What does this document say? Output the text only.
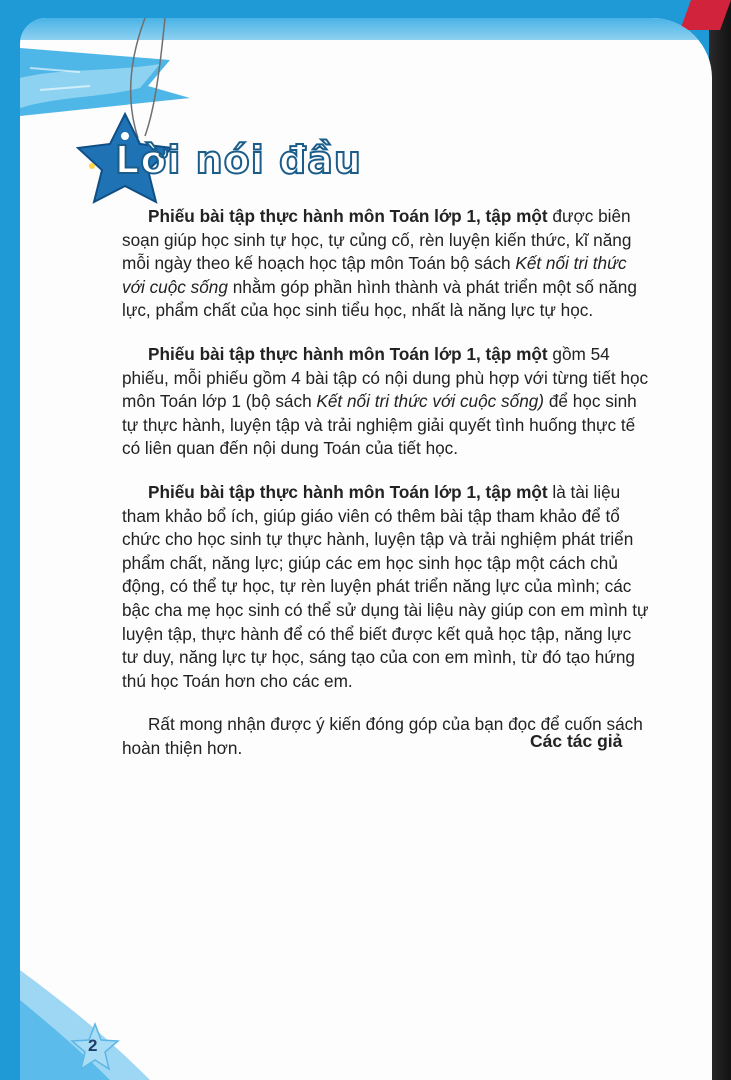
Lời nói đầu

Phiếu bài tập thực hành môn Toán lớp 1, tập một được biên soạn giúp học sinh tự học, tự củng cố, rèn luyện kiến thức, kĩ năng mỗi ngày theo kế hoạch học tập môn Toán bộ sách Kết nối tri thức với cuộc sống nhằm góp phần hình thành và phát triển một số năng lực, phẩm chất của học sinh tiểu học, nhất là năng lực tự học.

Phiếu bài tập thực hành môn Toán lớp 1, tập một gồm 54 phiếu, mỗi phiếu gồm 4 bài tập có nội dung phù hợp với từng tiết học môn Toán lớp 1 (bộ sách Kết nối tri thức với cuộc sống) để học sinh tự thực hành, luyện tập và trải nghiệm giải quyết tình huống thực tế có liên quan đến nội dung Toán của tiết học.

Phiếu bài tập thực hành môn Toán lớp 1, tập một là tài liệu tham khảo bổ ích, giúp giáo viên có thêm bài tập tham khảo để tổ chức cho học sinh tự thực hành, luyện tập và trải nghiệm phát triển phẩm chất, năng lực; giúp các em học sinh học tập một cách chủ động, có thể tự học, tự rèn luyện phát triển năng lực của mình; các bậc cha mẹ học sinh có thể sử dụng tài liệu này giúp con em mình tự luyện tập, thực hành để có thể biết được kết quả học tập, năng lực tư duy, năng lực tự học, sáng tạo của con em mình, từ đó tạo hứng thú học Toán hơn cho các em.

Rất mong nhận được ý kiến đóng góp của bạn đọc để cuốn sách hoàn thiện hơn.	Các tác giả
2
